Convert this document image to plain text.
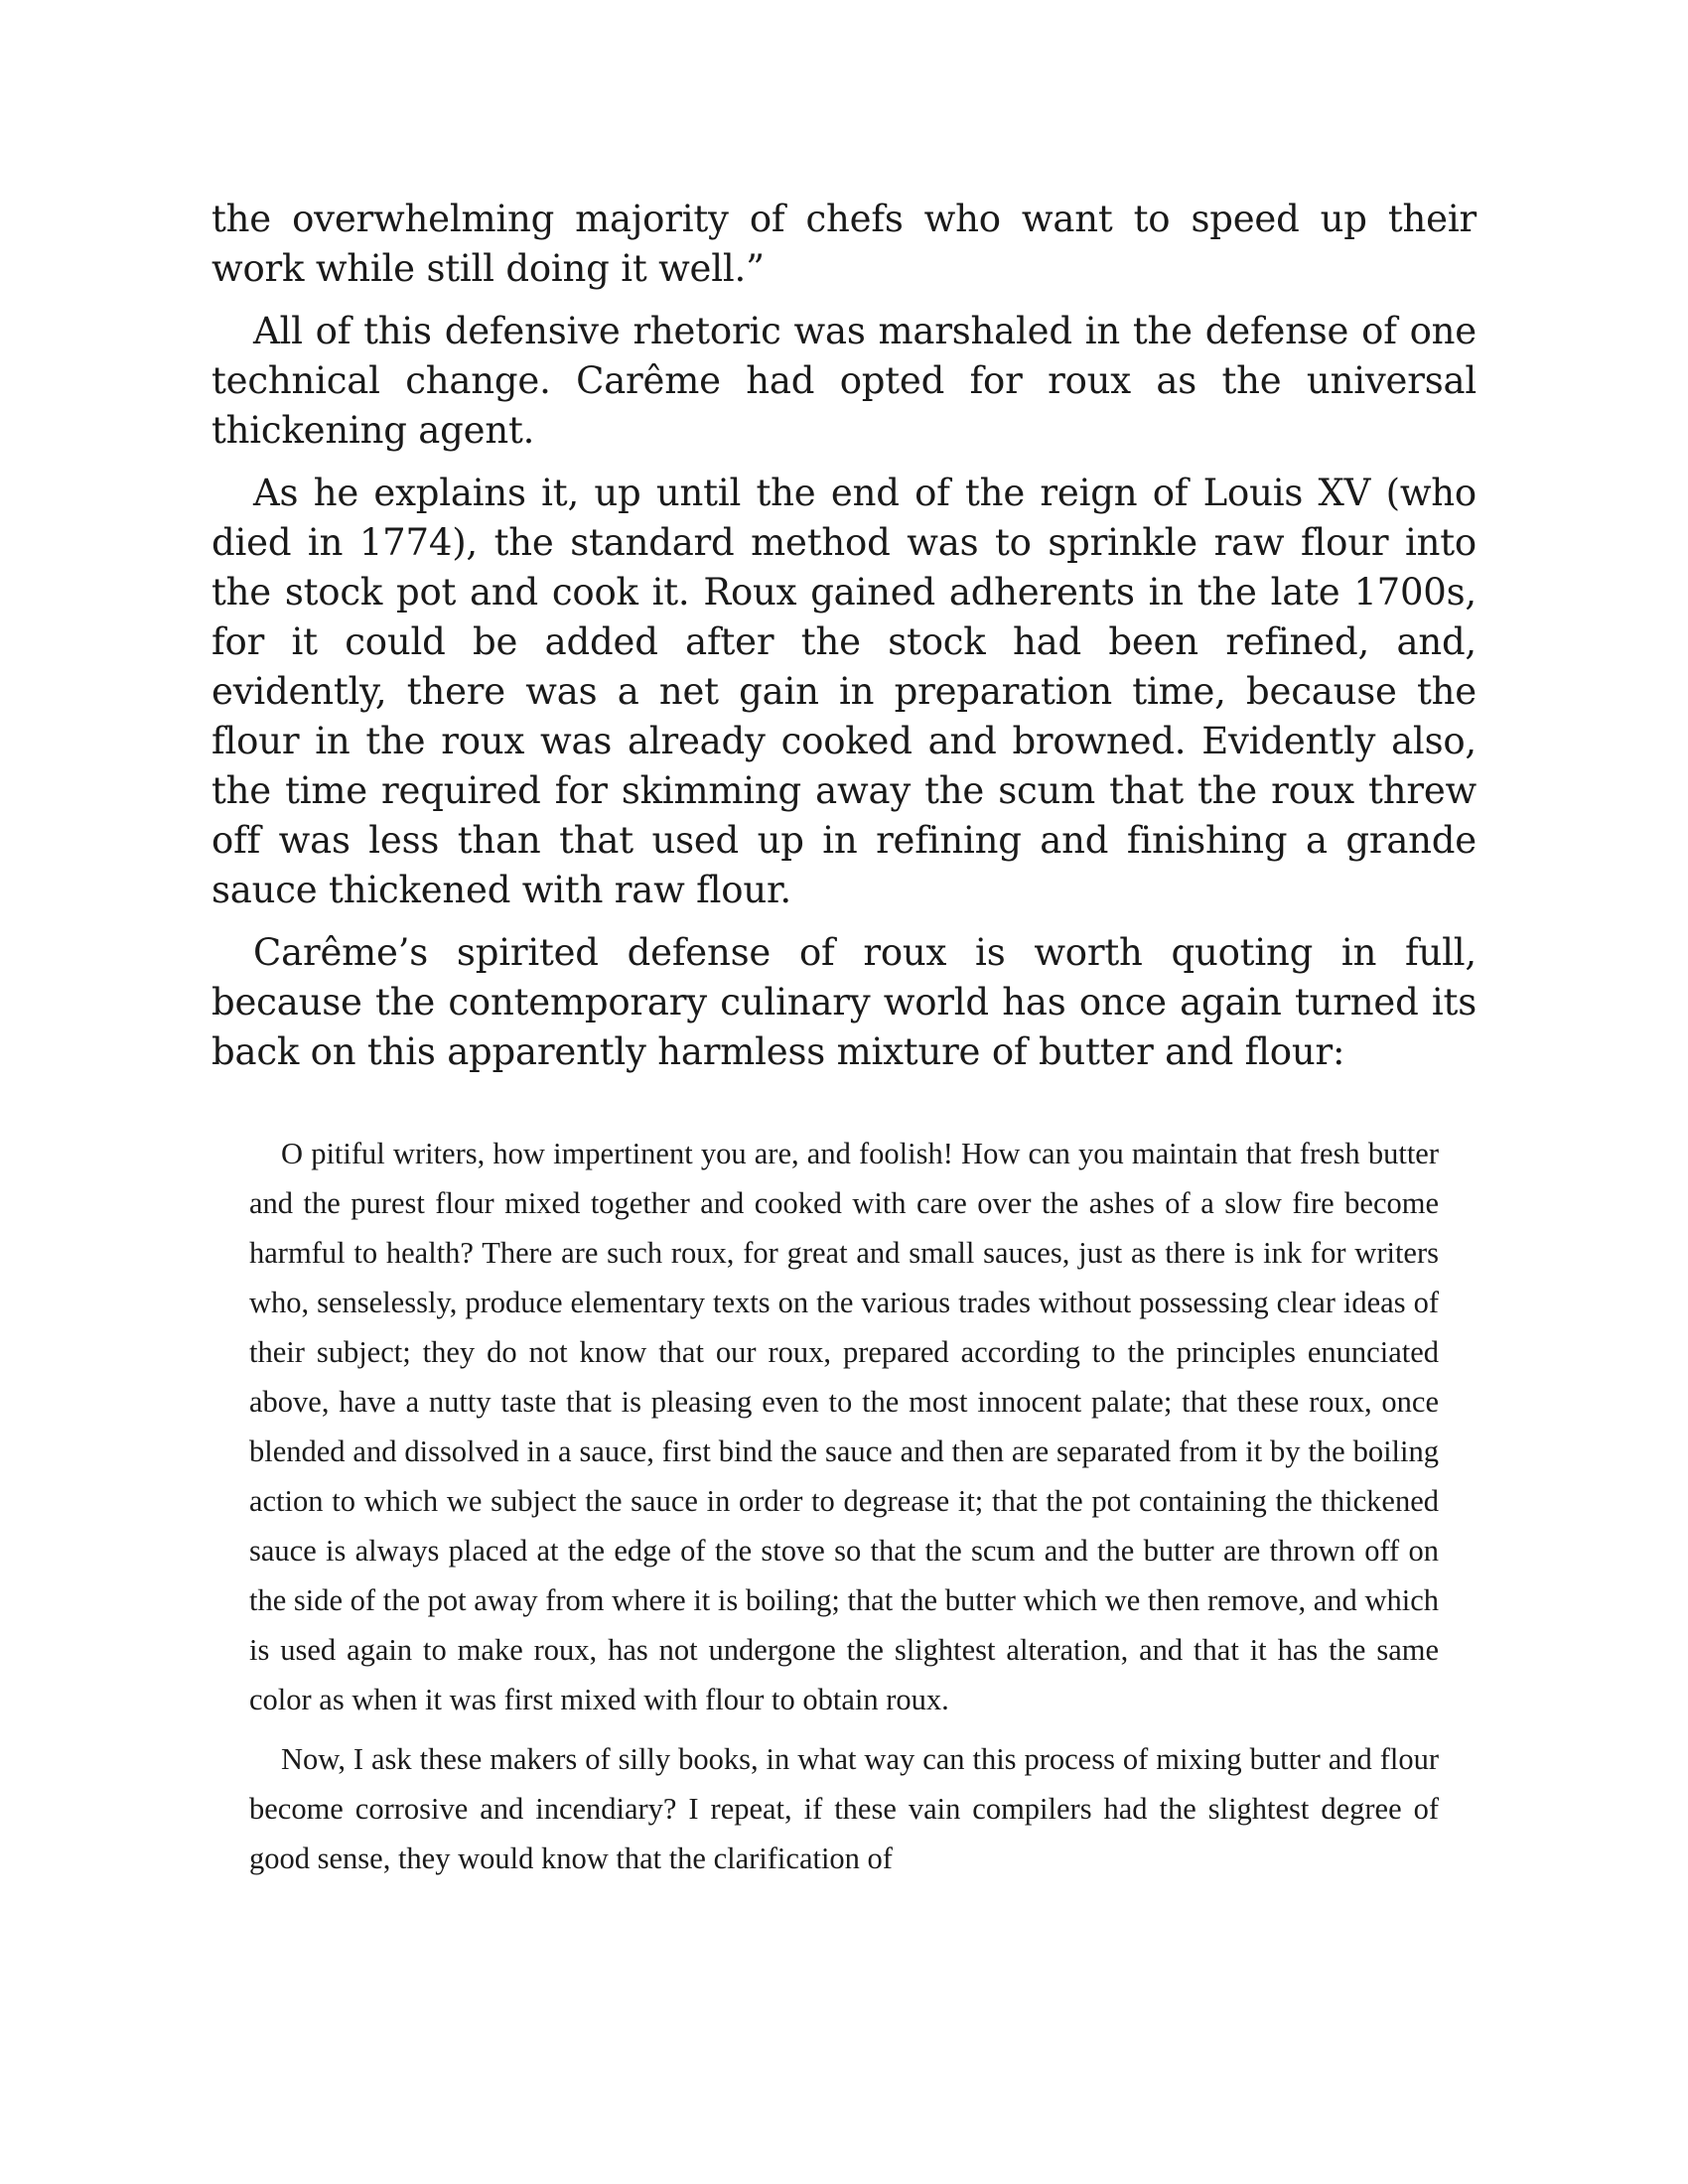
the overwhelming majority of chefs who want to speed up their work while still doing it well.”

All of this defensive rhetoric was marshaled in the defense of one technical change. Carême had opted for roux as the universal thickening agent.

As he explains it, up until the end of the reign of Louis XV (who died in 1774), the standard method was to sprinkle raw flour into the stock pot and cook it. Roux gained adherents in the late 1700s, for it could be added after the stock had been refined, and, evidently, there was a net gain in preparation time, because the flour in the roux was already cooked and browned. Evidently also, the time required for skimming away the scum that the roux threw off was less than that used up in refining and finishing a grande sauce thickened with raw flour.

Carême’s spirited defense of roux is worth quoting in full, because the contemporary culinary world has once again turned its back on this apparently harmless mixture of butter and flour:

O pitiful writers, how impertinent you are, and foolish! How can you maintain that fresh butter and the purest flour mixed together and cooked with care over the ashes of a slow fire become harmful to health? There are such roux, for great and small sauces, just as there is ink for writers who, senselessly, produce elementary texts on the various trades without possessing clear ideas of their subject; they do not know that our roux, prepared according to the principles enunciated above, have a nutty taste that is pleasing even to the most innocent palate; that these roux, once blended and dissolved in a sauce, first bind the sauce and then are separated from it by the boiling action to which we subject the sauce in order to degrease it; that the pot containing the thickened sauce is always placed at the edge of the stove so that the scum and the butter are thrown off on the side of the pot away from where it is boiling; that the butter which we then remove, and which is used again to make roux, has not undergone the slightest alteration, and that it has the same color as when it was first mixed with flour to obtain roux.

Now, I ask these makers of silly books, in what way can this process of mixing butter and flour become corrosive and incendiary? I repeat, if these vain compilers had the slightest degree of good sense, they would know that the clarification of
